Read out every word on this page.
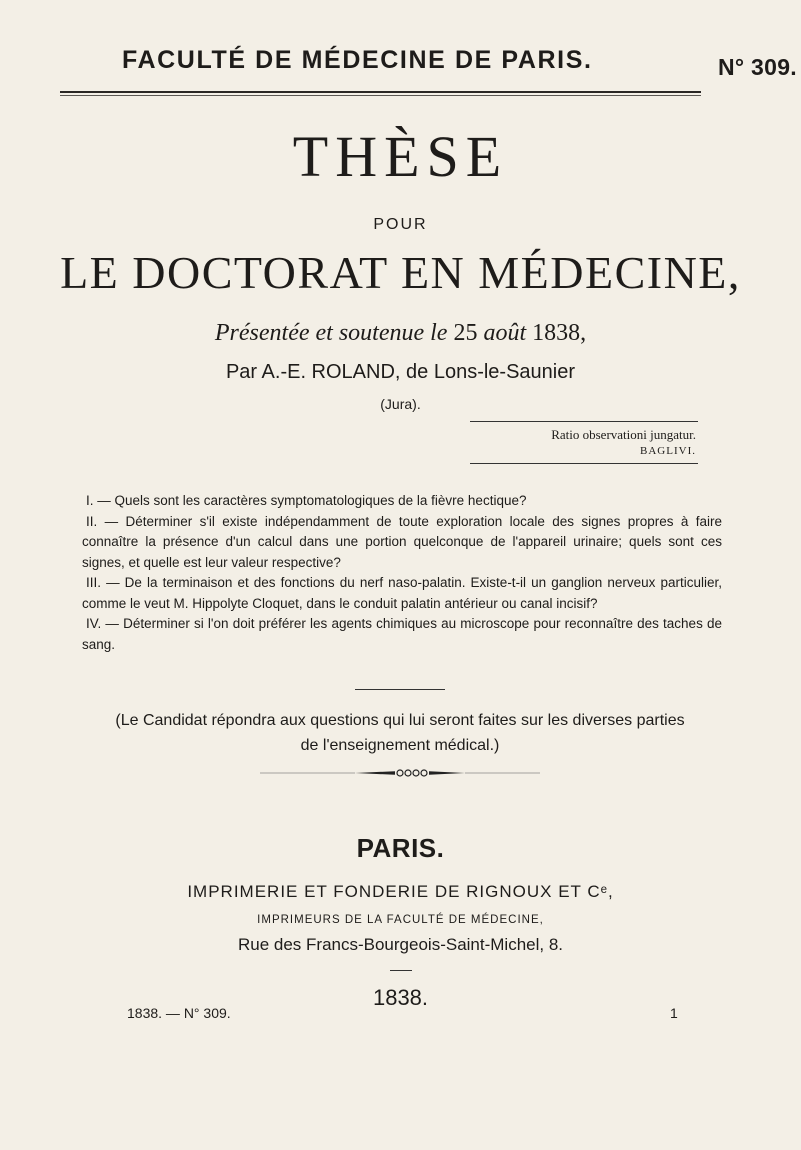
FACULTÉ DE MÉDECINE DE PARIS.	N° 309.
THÈSE
POUR
LE DOCTORAT EN MÉDECINE,
Présentée et soutenue le 25 août 1838,
Par A.-E. ROLAND, de Lons-le-Saunier
(Jura).
Ratio observationi jungatur.
BAGLIVI.

I. — Quels sont les caractères symptomatologiques de la fièvre hectique?

II. — Déterminer s'il existe indépendamment de toute exploration locale des signes propres à faire connaître la présence d'un calcul dans une portion quelconque de l'appareil urinaire; quels sont ces signes, et quelle est leur valeur respective?

III. — De la terminaison et des fonctions du nerf naso-palatin. Existe-t-il un ganglion nerveux particulier, comme le veut M. Hippolyte Cloquet, dans le conduit palatin antérieur ou canal incisif?

IV. — Déterminer si l'on doit préférer les agents chimiques au microscope pour reconnaître des taches de sang.

(Le Candidat répondra aux questions qui lui seront faites sur les diverses parties
de l'enseignement médical.)
PARIS.
IMPRIMERIE ET FONDERIE DE RIGNOUX ET Cᵉ,
IMPRIMEURS DE LA FACULTÉ DE MÉDECINE,
Rue des Francs-Bourgeois-Saint-Michel, 8.
1838.
1838. — N° 309.	1
